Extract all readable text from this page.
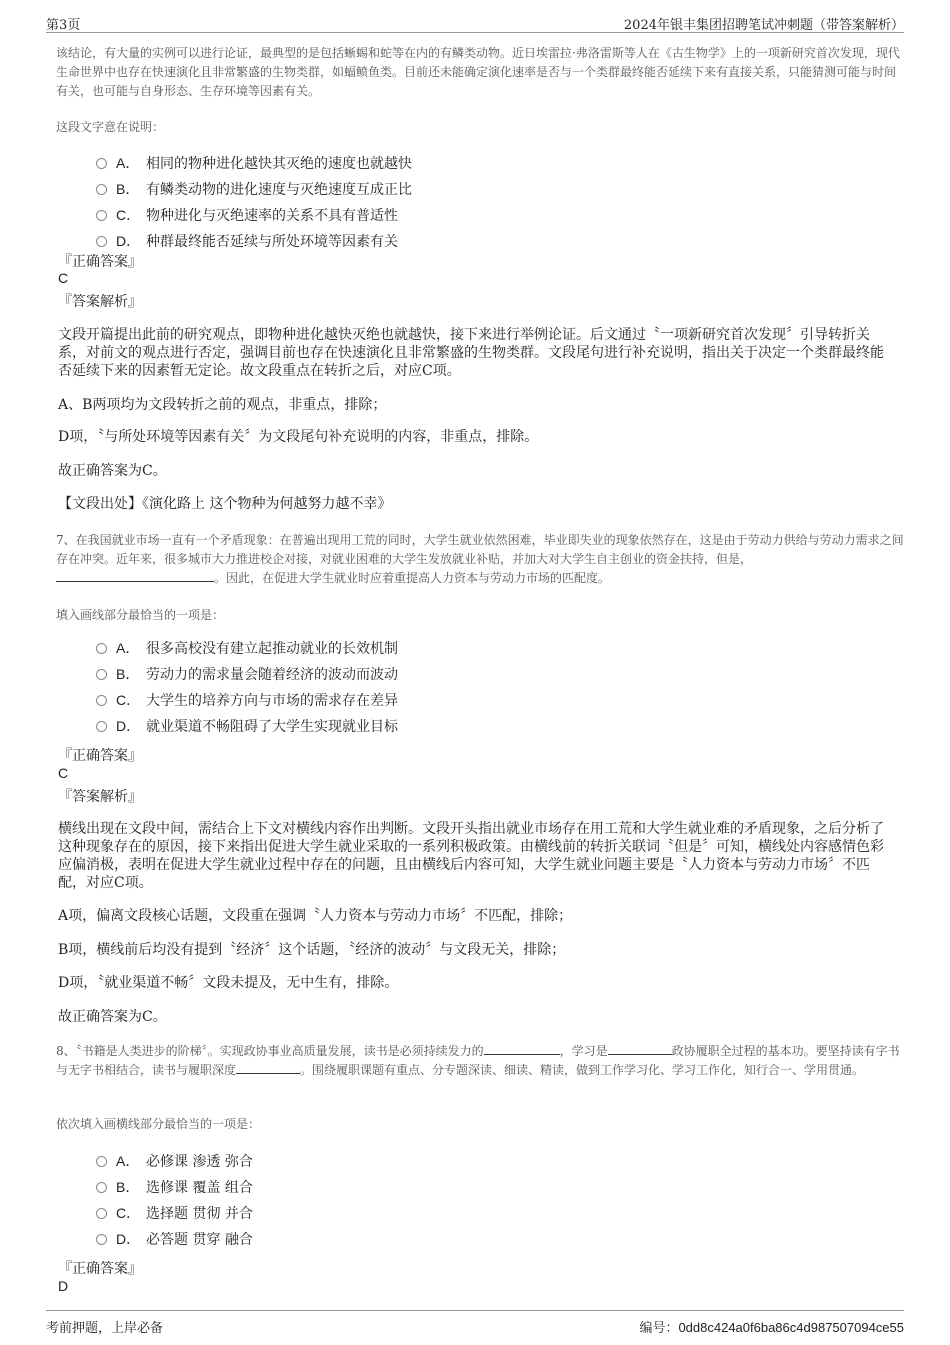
第3页	2024年银丰集团招聘笔试冲刺题（带答案解析）

该结论，有大量的实例可以进行论证，最典型的是包括蜥蜴和蛇等在内的有鳞类动物。近日埃雷拉·弗洛雷斯等人在《古生物学》上的一项新研究首次发现，现代生命世界中也存在快速演化且非常繁盛的生物类群，如蝠鲼鱼类。目前还未能确定演化速率是否与一个类群最终能否延续下来有直接关系，只能猜测可能与时间有关，也可能与自身形态、生存环境等因素有关。

这段文字意在说明：

A． 相同的物种进化越快其灭绝的速度也就越快
B． 有鳞类动物的进化速度与灭绝速度互成正比
C． 物种进化与灭绝速率的关系不具有普适性
D． 种群最终能否延续与所处环境等因素有关
『正确答案』
C
『答案解析』

文段开篇提出此前的研究观点，即物种进化越快灭绝也就越快，接下来进行举例论证。后文通过〝一项新研究首次发现〞引导转折关系，对前文的观点进行否定，强调目前也存在快速演化且非常繁盛的生物类群。文段尾句进行补充说明，指出关于决定一个类群最终能否延续下来的因素暂无定论。故文段重点在转折之后，对应C项。

A、B两项均为文段转折之前的观点，非重点，排除；

D项，〝与所处环境等因素有关〞为文段尾句补充说明的内容，非重点，排除。

故正确答案为C。

【文段出处】《演化路上 这个物种为何越努力越不幸》

7、在我国就业市场一直有一个矛盾现象：在普遍出现用工荒的同时，大学生就业依然困难，毕业即失业的现象依然存在，这是由于劳动力供给与劳动力需求之间存在冲突。近年来，很多城市大力推进校企对接，对就业困难的大学生发放就业补贴，并加大对大学生自主创业的资金扶持，但是，。因此，在促进大学生就业时应着重提高人力资本与劳动力市场的匹配度。

填入画线部分最恰当的一项是：

A． 很多高校没有建立起推动就业的长效机制
B． 劳动力的需求量会随着经济的波动而波动
C． 大学生的培养方向与市场的需求存在差异
D． 就业渠道不畅阻碍了大学生实现就业目标
『正确答案』
C
『答案解析』

横线出现在文段中间，需结合上下文对横线内容作出判断。文段开头指出就业市场存在用工荒和大学生就业难的矛盾现象，之后分析了这种现象存在的原因，接下来指出促进大学生就业采取的一系列积极政策。由横线前的转折关联词〝但是〞可知，横线处内容感情色彩应偏消极，表明在促进大学生就业过程中存在的问题，且由横线后内容可知，大学生就业问题主要是〝人力资本与劳动力市场〞不匹配，对应C项。

A项，偏离文段核心话题，文段重在强调〝人力资本与劳动力市场〞不匹配，排除；

B项，横线前后均没有提到〝经济〞这个话题，〝经济的波动〞与文段无关，排除；

D项，〝就业渠道不畅〞文段未提及，无中生有，排除。

故正确答案为C。

8、〝书籍是人类进步的阶梯〞。实现政协事业高质量发展，读书是必须持续发力的	，学习是	政协履职全过程的基本功。要坚持读有字书与无字书相结合，读书与履职深度	。围绕履职课题有重点、分专题深读、细读、精读，做到工作学习化、学习工作化，知行合一、学用贯通。

依次填入画横线部分最恰当的一项是：

A． 必修课 渗透 弥合
B． 选修课 覆盖 组合
C． 选择题 贯彻 并合
D． 必答题 贯穿 融合
『正确答案』
D
考前押题，上岸必备	编号：0dd8c424a0f6ba86c4d987507094ce55
